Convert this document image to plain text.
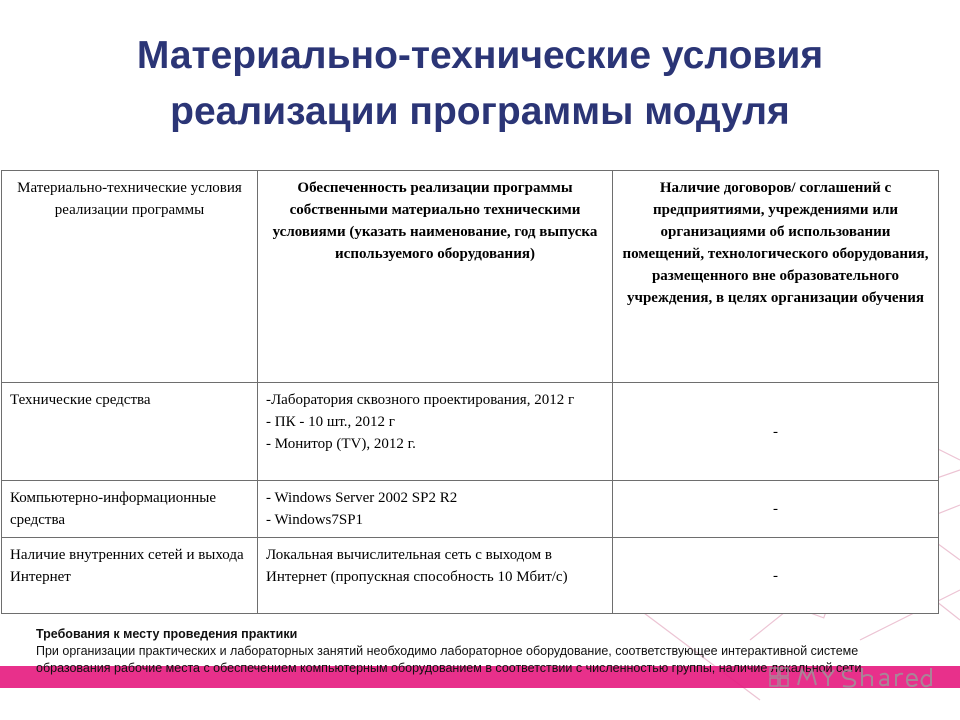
Материально-технические условия
реализации программы модуля
Материально-технические условия реализации программы	Обеспеченность реализации программы собственными материально техническими условиями (указать наименование, год выпуска используемого оборудования)	Наличие договоров/ соглашений с предприятиями, учреждениями или организациями об использовании помещений, технологического оборудования, размещенного вне образовательного учреждения, в целях организации обучения
Технические средства	-Лаборатория сквозного проектирования, 2012 г
- ПК - 10 шт., 2012 г
- Монитор (TV), 2012 г.	-
Компьютерно-информационные средства	- Windows Server 2002 SP2 R2
- Windows7SP1	-
Наличие внутренних сетей и выхода Интернет	Локальная вычислительная сеть с выходом в Интернет (пропускная способность 10 Мбит/с)	-
Требования к месту проведения практики
При организации практических и лабораторных занятий необходимо лабораторное оборудование, соответствующее интерактивной системе образования рабочие места с обеспечением компьютерным оборудованием в соответствии с численностью группы, наличие локальной сети
